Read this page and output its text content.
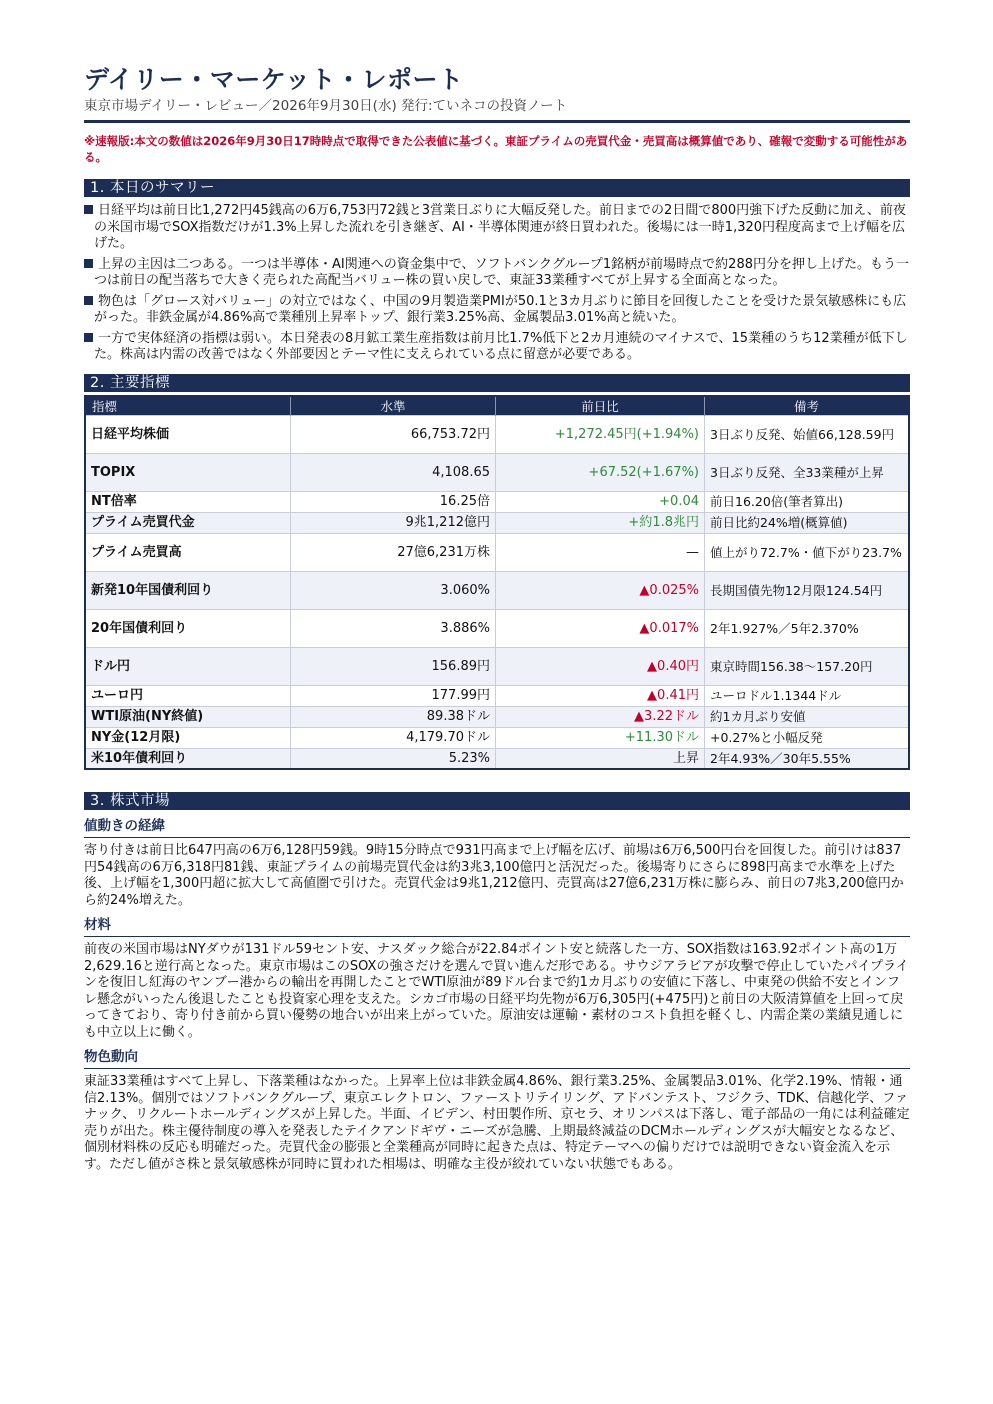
デイリー・マーケット・レポート

東京市場デイリー・レビュー／2026年9月30日(水) 発行:ていネコの投資ノート

※速報版:本文の数値は2026年9月30日17時時点で取得できた公表値に基づく。東証プライムの売買代金・売買高は概算値であり、確報で変動する可能性がある。

1. 本日のサマリー
日経平均は前日比1,272円45銭高の6万6,753円72銭と3営業日ぶりに大幅反発した。前日までの2日間で800円強下げた反動に加え、前夜の米国市場でSOX指数だけが1.3%上昇した流れを引き継ぎ、AI・半導体関連が終日買われた。後場には一時1,320円程度高まで上げ幅を広げた。
上昇の主因は二つある。一つは半導体・AI関連への資金集中で、ソフトバンクグループ1銘柄が前場時点で約288円分を押し上げた。もう一つは前日の配当落ちで大きく売られた高配当バリュー株の買い戻しで、東証33業種すべてが上昇する全面高となった。
物色は「グロース対バリュー」の対立ではなく、中国の9月製造業PMIが50.1と3カ月ぶりに節目を回復したことを受けた景気敏感株にも広がった。非鉄金属が4.86%高で業種別上昇率トップ、銀行業3.25%高、金属製品3.01%高と続いた。
一方で実体経済の指標は弱い。本日発表の8月鉱工業生産指数は前月比1.7%低下と2カ月連続のマイナスで、15業種のうち12業種が低下した。株高は内需の改善ではなく外部要因とテーマ性に支えられている点に留意が必要である。
2. 主要指標
指標	水準	前日比	備考
日経平均株価	66,753.72円	+1,272.45円(+1.94%)	3日ぶり反発、始値66,128.59円
TOPIX	4,108.65	+67.52(+1.67%)	3日ぶり反発、全33業種が上昇
NT倍率	16.25倍	+0.04	前日16.20倍(筆者算出)
プライム売買代金	9兆1,212億円	+約1.8兆円	前日比約24%増(概算値)
プライム売買高	27億6,231万株	—	値上がり72.7%・値下がり23.7%
新発10年国債利回り	3.060%	▲0.025%	長期国債先物12月限124.54円
20年国債利回り	3.886%	▲0.017%	2年1.927%／5年2.370%
ドル円	156.89円	▲0.40円	東京時間156.38〜157.20円
ユーロ円	177.99円	▲0.41円	ユーロドル1.1344ドル
WTI原油(NY終値)	89.38ドル	▲3.22ドル	約1カ月ぶり安値
NY金(12月限)	4,179.70ドル	+11.30ドル	+0.27%と小幅反発
米10年債利回り	5.23%	上昇	2年4.93%／30年5.55%
3. 株式市場
値動きの経緯

寄り付きは前日比647円高の6万6,128円59銭。9時15分時点で931円高まで上げ幅を広げ、前場は6万6,500円台を回復した。前引けは837円54銭高の6万6,318円81銭、東証プライムの前場売買代金は約3兆3,100億円と活況だった。後場寄りにさらに898円高まで水準を上げた後、上げ幅を1,300円超に拡大して高値圏で引けた。売買代金は9兆1,212億円、売買高は27億6,231万株に膨らみ、前日の7兆3,200億円から約24%増えた。

材料

前夜の米国市場はNYダウが131ドル59セント安、ナスダック総合が22.84ポイント安と続落した一方、SOX指数は163.92ポイント高の1万2,629.16と逆行高となった。東京市場はこのSOXの強さだけを選んで買い進んだ形である。サウジアラビアが攻撃で停止していたパイプラインを復旧し紅海のヤンブー港からの輸出を再開したことでWTI原油が89ドル台まで約1カ月ぶりの安値に下落し、中東発の供給不安とインフレ懸念がいったん後退したことも投資家心理を支えた。シカゴ市場の日経平均先物が6万6,305円(+475円)と前日の大阪清算値を上回って戻ってきており、寄り付き前から買い優勢の地合いが出来上がっていた。原油安は運輸・素材のコスト負担を軽くし、内需企業の業績見通しにも中立以上に働く。

物色動向

東証33業種はすべて上昇し、下落業種はなかった。上昇率上位は非鉄金属4.86%、銀行業3.25%、金属製品3.01%、化学2.19%、情報・通信2.13%。個別ではソフトバンクグループ、東京エレクトロン、ファーストリテイリング、アドバンテスト、フジクラ、TDK、信越化学、ファナック、リクルートホールディングスが上昇した。半面、イビデン、村田製作所、京セラ、オリンパスは下落し、電子部品の一角には利益確定売りが出た。株主優待制度の導入を発表したテイクアンドギヴ・ニーズが急騰、上期最終減益のDCMホールディングスが大幅安となるなど、個別材料株の反応も明確だった。売買代金の膨張と全業種高が同時に起きた点は、特定テーマへの偏りだけでは説明できない資金流入を示す。ただし値がさ株と景気敏感株が同時に買われた相場は、明確な主役が絞れていない状態でもある。
